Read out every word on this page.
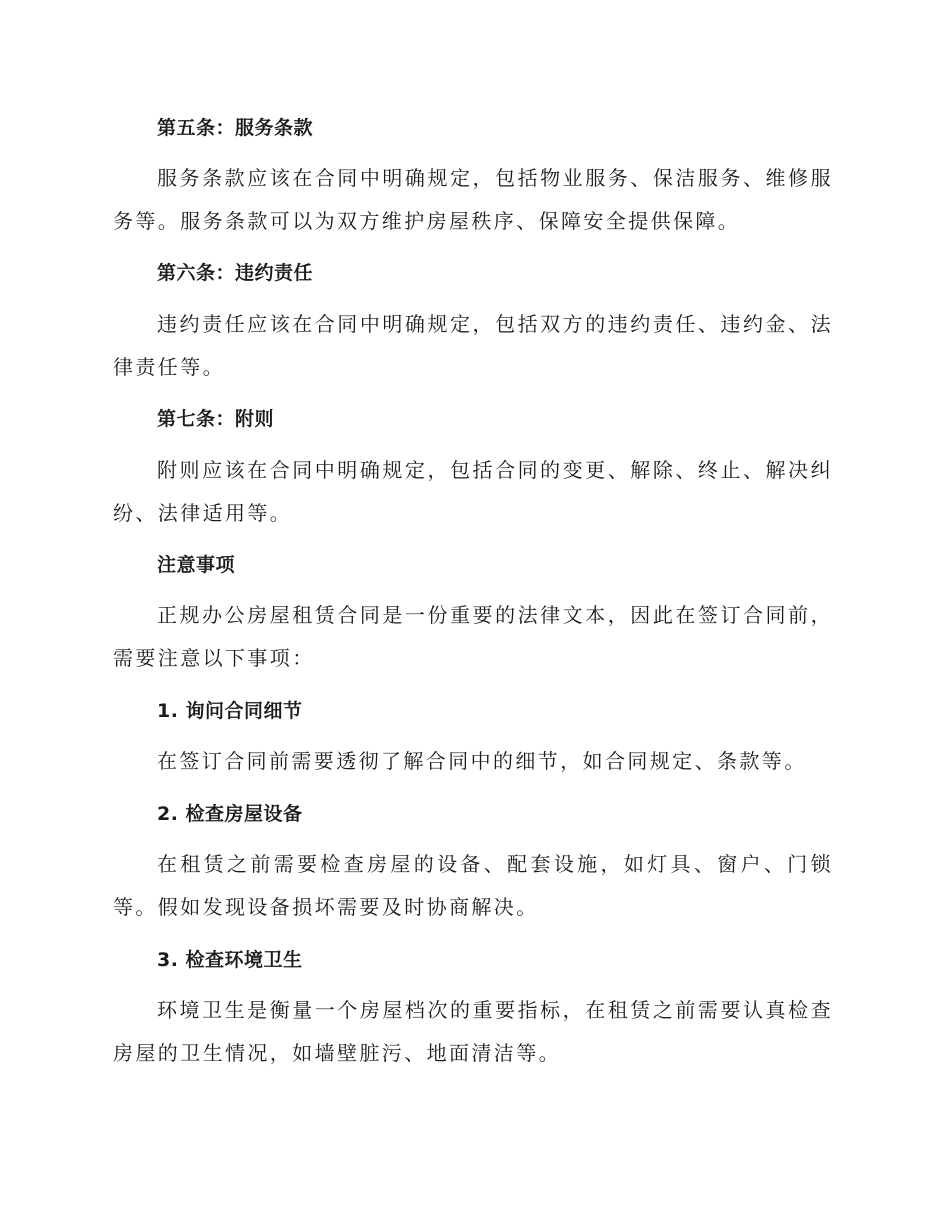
第五条：服务条款

服务条款应该在合同中明确规定，包括物业服务、保洁服务、维修服务等。服务条款可以为双方维护房屋秩序、保障安全提供保障。

第六条：违约责任

违约责任应该在合同中明确规定，包括双方的违约责任、违约金、法律责任等。

第七条：附则

附则应该在合同中明确规定，包括合同的变更、解除、终止、解决纠纷、法律适用等。

注意事项

正规办公房屋租赁合同是一份重要的法律文本，因此在签订合同前，需要注意以下事项：

1. 询问合同细节

在签订合同前需要透彻了解合同中的细节，如合同规定、条款等。

2. 检查房屋设备

在租赁之前需要检查房屋的设备、配套设施，如灯具、窗户、门锁等。假如发现设备损坏需要及时协商解决。

3. 检查环境卫生

环境卫生是衡量一个房屋档次的重要指标，在租赁之前需要认真检查房屋的卫生情况，如墙壁脏污、地面清洁等。
